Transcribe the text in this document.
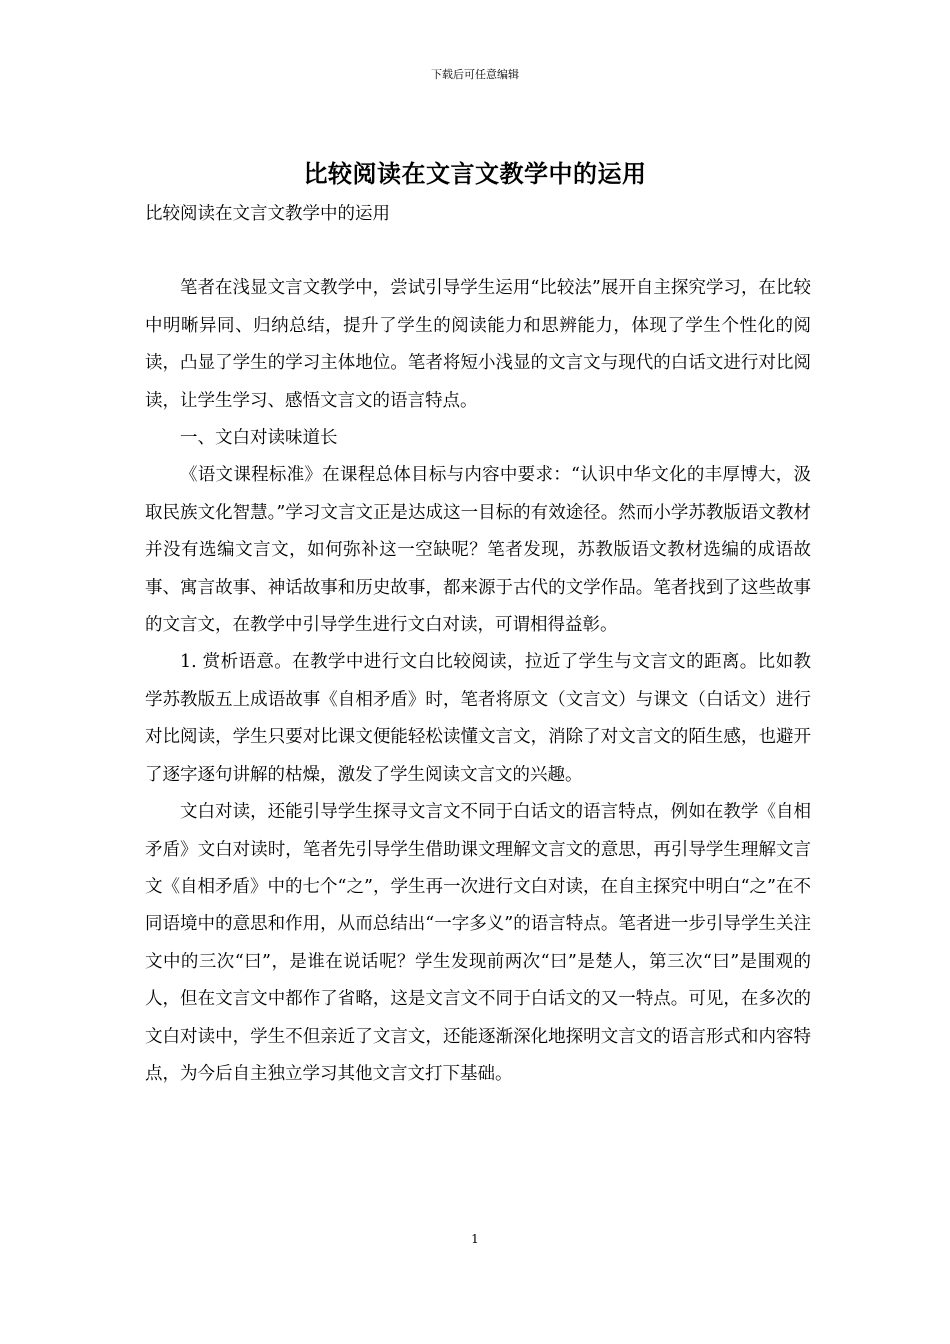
下载后可任意编辑
比较阅读在文言文教学中的运用

比较阅读在文言文教学中的运用

笔者在浅显文言文教学中，尝试引导学生运用“比较法”展开自主探究学习，在比较中明晰异同、归纳总结，提升了学生的阅读能力和思辨能力，体现了学生个性化的阅读，凸显了学生的学习主体地位。笔者将短小浅显的文言文与现代的白话文进行对比阅读，让学生学习、感悟文言文的语言特点。

一、文白对读味道长

《语文课程标准》在课程总体目标与内容中要求：“认识中华文化的丰厚博大，汲取民族文化智慧。”学习文言文正是达成这一目标的有效途径。然而小学苏教版语文教材并没有选编文言文，如何弥补这一空缺呢？笔者发现，苏教版语文教材选编的成语故事、寓言故事、神话故事和历史故事，都来源于古代的文学作品。笔者找到了这些故事的文言文，在教学中引导学生进行文白对读，可谓相得益彰。

1. 赏析语意。在教学中进行文白比较阅读，拉近了学生与文言文的距离。比如教学苏教版五上成语故事《自相矛盾》时，笔者将原文（文言文）与课文（白话文）进行对比阅读，学生只要对比课文便能轻松读懂文言文，消除了对文言文的陌生感，也避开了逐字逐句讲解的枯燥，激发了学生阅读文言文的兴趣。

文白对读，还能引导学生探寻文言文不同于白话文的语言特点，例如在教学《自相矛盾》文白对读时，笔者先引导学生借助课文理解文言文的意思，再引导学生理解文言文《自相矛盾》中的七个“之”，学生再一次进行文白对读，在自主探究中明白“之”在不同语境中的意思和作用，从而总结出“一字多义”的语言特点。笔者进一步引导学生关注文中的三次“曰”，是谁在说话呢？学生发现前两次“曰”是楚人，第三次“曰”是围观的人，但在文言文中都作了省略，这是文言文不同于白话文的又一特点。可见，在多次的文白对读中，学生不但亲近了文言文，还能逐渐深化地探明文言文的语言形式和内容特点，为今后自主独立学习其他文言文打下基础。

1
